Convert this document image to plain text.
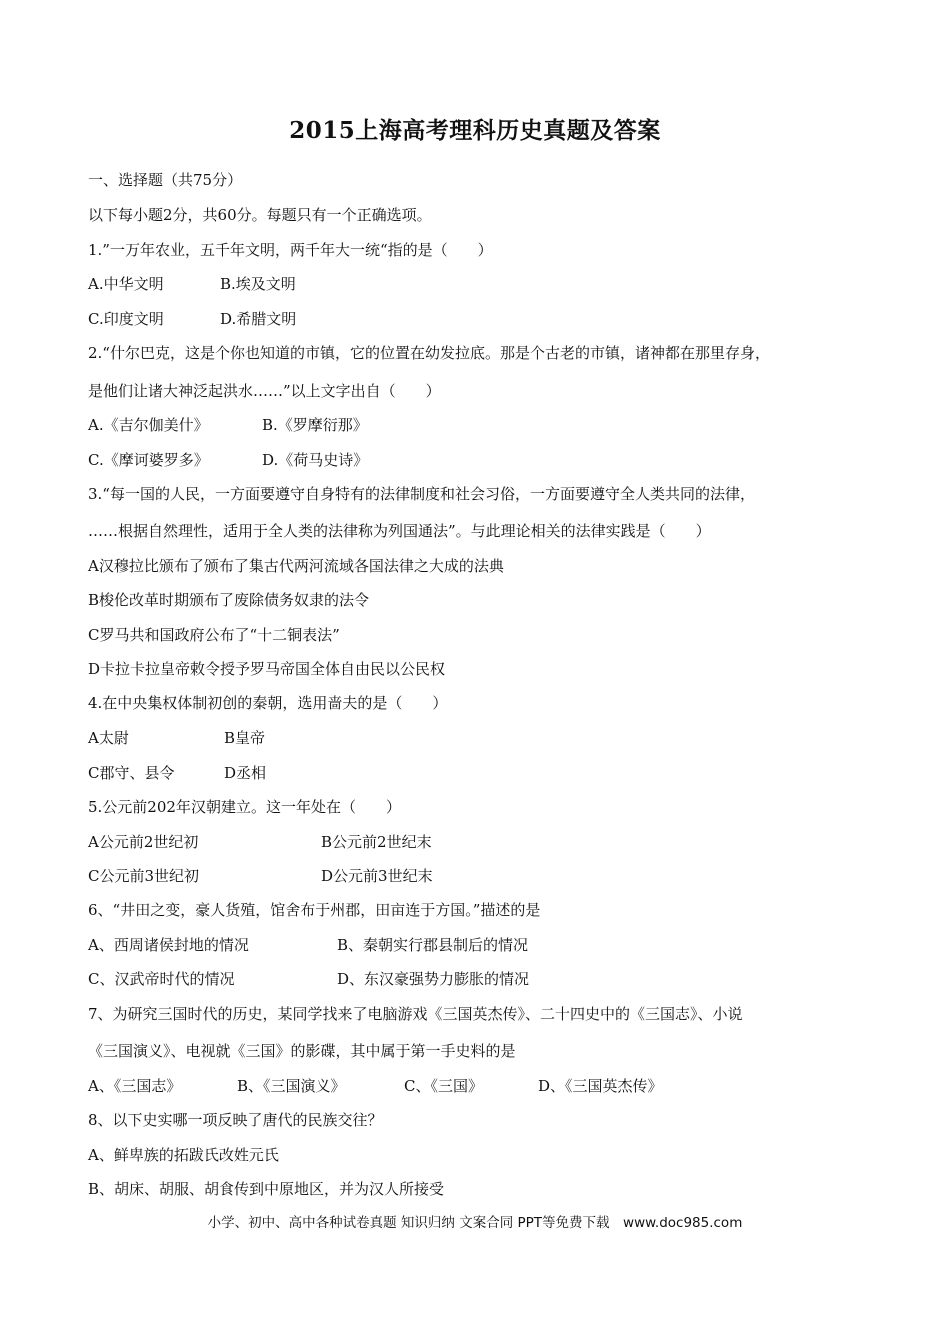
2015上海高考理科历史真题及答案
一、选择题（共75分）
以下每小题2分，共60分。每题只有一个正确选项。
1.”一万年农业，五千年文明，两千年大一统“指的是（　　）
A.中华文明	B.埃及文明
C.印度文明	D.希腊文明
2.“什尔巴克，这是个你也知道的市镇，它的位置在幼发拉底。那是个古老的市镇，诸神都在那里存身，
是他们让诸大神泛起洪水……”以上文字出自（　　）
A.《吉尔伽美什》	B.《罗摩衍那》
C.《摩诃婆罗多》	D.《荷马史诗》
3.“每一国的人民，一方面要遵守自身特有的法律制度和社会习俗，一方面要遵守全人类共同的法律，
……根据自然理性，适用于全人类的法律称为列国通法”。与此理论相关的法律实践是（　　）
A汉穆拉比颁布了颁布了集古代两河流域各国法律之大成的法典
B梭伦改革时期颁布了废除债务奴隶的法令
C罗马共和国政府公布了“十二铜表法”
D卡拉卡拉皇帝敕令授予罗马帝国全体自由民以公民权
4.在中央集权体制初创的秦朝，选用啬夫的是（　　）
A太尉	B皇帝
C郡守、县令	D丞相
5.公元前202年汉朝建立。这一年处在（　　）
A公元前2世纪初	B公元前2世纪末
C公元前3世纪初	D公元前3世纪末
6、“井田之变，豪人货殖，馆舍布于州郡，田亩连于方国。”描述的是
A、西周诸侯封地的情况	B、秦朝实行郡县制后的情况
C、汉武帝时代的情况	D、东汉豪强势力膨胀的情况
7、为研究三国时代的历史，某同学找来了电脑游戏《三国英杰传》、二十四史中的《三国志》、小说
《三国演义》、电视就《三国》的影碟，其中属于第一手史料的是
A、《三国志》	B、《三国演义》	C、《三国》	D、《三国英杰传》
8、以下史实哪一项反映了唐代的民族交往？
A、鲜卑族的拓跋氏改姓元氏
B、胡床、胡服、胡食传到中原地区，并为汉人所接受
小学、初中、高中各种试卷真题 知识归纳 文案合同 PPT等免费下载　www.doc985.com
